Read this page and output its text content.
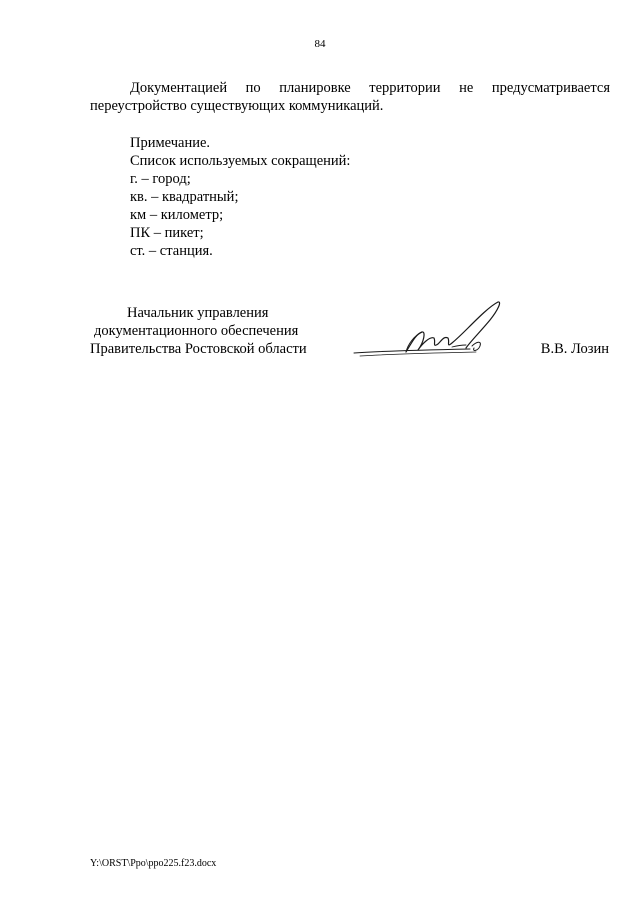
84
Документацией по планировке территории не предусматривается переустройство существующих коммуникаций.
Примечание.
Список используемых сокращений:
г. – город;
кв. – квадратный;
км – километр;
ПК – пикет;
ст. – станция.
Начальник управления
документационного обеспечения
Правительства Ростовской области	В.В. Лозин
Y:\ORST\Ppo\ppo225.f23.docx
